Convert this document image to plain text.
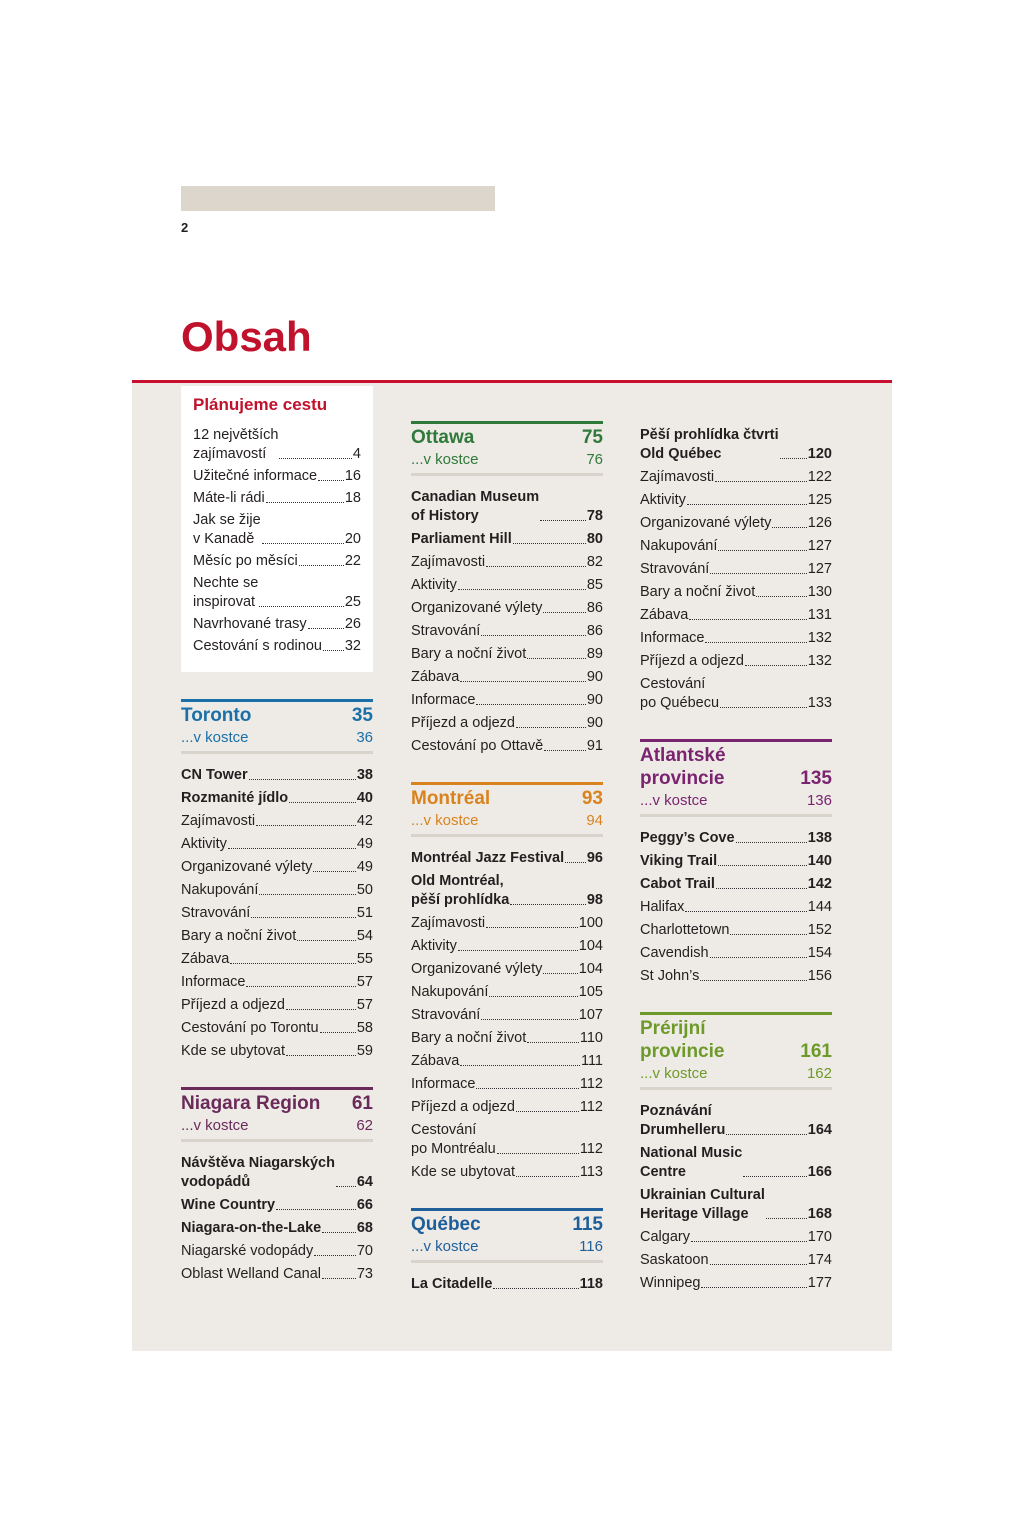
2
Obsah
Plánujeme cestu
12 největších
zajímavostí	4
Užitečné informace 16
Máte-li rádi	18
Jak se žije
v Kanadě	20
Měsíc po měsíci	22
Nechte se
inspirovat	25
Navrhované trasy	26
Cestování s rodinou 32
Toronto	35
...v kostce	36
CN Tower	38
Rozmanité jídlo	40
Zajímavosti	42
Aktivity	49
Organizované výlety	49
Nakupování	50
Stravování	51
Bary a noční život	54
Zábava	55
Informace	57
Příjezd a odjezd	57
Cestování po Torontu	58
Kde se ubytovat	59
Niagara Region	61
...v kostce	62
Návštěva Niagarských
vodopádů	64
Wine Country	66
Niagara-on-the-Lake 68
Niagarské vodopády	70
Oblast Welland Canal 73
Ottawa	75
...v kostce	76
Canadian Museum
of History	78
Parliament Hill	80
Zajímavosti	82
Aktivity	85
Organizované výlety	86
Stravování	86
Bary a noční život	89
Zábava	90
Informace	90
Příjezd a odjezd	90
Cestování po Ottavě	91
Montréal	93
...v kostce	94
Montréal Jazz Festival 96
Old Montréal,
pěší prohlídka	98
Zajímavosti	100
Aktivity	104
Organizované výlety	104
Nakupování	105
Stravování	107
Bary a noční život	110
Zábava	111
Informace	112
Příjezd a odjezd	112
Cestování
po Montréalu	112
Kde se ubytovat	113
Québec	115
...v kostce	116
La Citadelle	118
Pěší prohlídka čtvrti
Old Québec	120
Zajímavosti	122
Aktivity	125
Organizované výlety	126
Nakupování	127
Stravování	127
Bary a noční život	130
Zábava	131
Informace	132
Příjezd a odjezd	132
Cestování
po Québecu	133
Atlantské
provincie	135
...v kostce	136
Peggy’s Cove	138
Viking Trail	140
Cabot Trail	142
Halifax	144
Charlottetown	152
Cavendish	154
St John’s	156
Prérijní
provincie	161
...v kostce	162
Poznávání
Drumhelleru	164
National Music
Centre	166
Ukrainian Cultural
Heritage Village	168
Calgary	170
Saskatoon	174
Winnipeg	177
